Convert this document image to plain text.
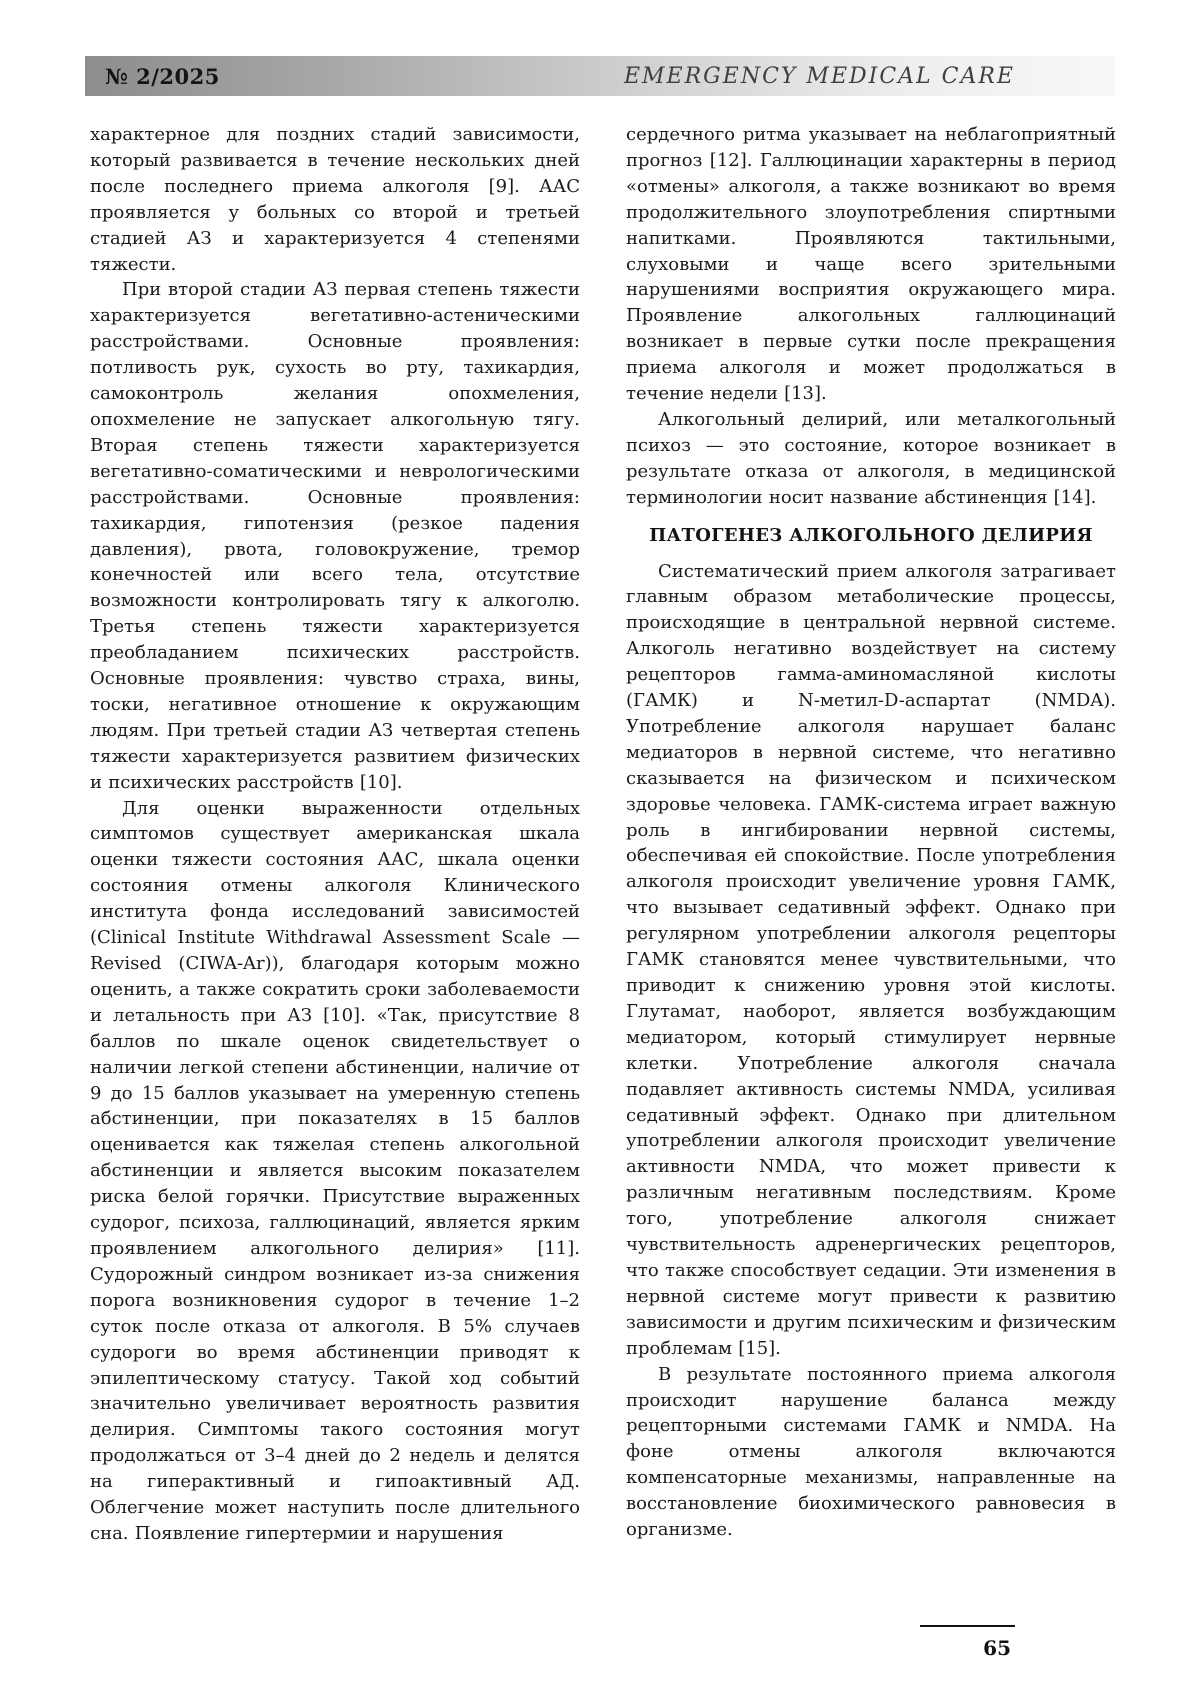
№ 2/2025	EMERGENCY MEDICAL CARE

характерное для поздних стадий зависимости, который развивается в течение нескольких дней после последнего приема алкоголя [9]. ААС проявляется у больных со второй и третьей стадией АЗ и характеризуется 4 степенями тяжести.

При второй стадии АЗ первая степень тяжести характеризуется вегетативно-астеническими расстройствами. Основные проявления: потливость рук, сухость во рту, тахикардия, самоконтроль желания опохмеления, опохмеление не запускает алкогольную тягу. Вторая степень тяжести характеризуется вегетативно-соматическими и неврологическими расстройствами. Основные проявления: тахикардия, гипотензия (резкое падения давления), рвота, головокружение, тремор конечностей или всего тела, отсутствие возможности контролировать тягу к алкоголю. Третья степень тяжести характеризуется преобладанием психических расстройств. Основные проявления: чувство страха, вины, тоски, негативное отношение к окружающим людям. При третьей стадии АЗ четвертая степень тяжести характеризуется развитием физических и психических расстройств [10].

Для оценки выраженности отдельных симптомов существует американская шкала оценки тяжести состояния ААС, шкала оценки состояния отмены алкоголя Клинического института фонда исследований зависимостей (Clinical Institute Withdrawal Assessment Scale — Revised (CIWA-Ar)), благодаря которым можно оценить, а также сократить сроки заболеваемости и летальность при АЗ [10]. «Так, присутствие 8 баллов по шкале оценок свидетельствует о наличии легкой степени абстиненции, наличие от 9 до 15 баллов указывает на умеренную степень абстиненции, при показателях в 15 баллов оценивается как тяжелая степень алкогольной абстиненции и является высоким показателем риска белой горячки. Присутствие выраженных судорог, психоза, галлюцинаций, является ярким проявлением алкогольного делирия» [11]. Судорожный синдром возникает из-за снижения порога возникновения судорог в течение 1–2 суток после отказа от алкоголя. В 5% случаев судороги во время абстиненции приводят к эпилептическому статусу. Такой ход событий значительно увеличивает вероятность развития делирия. Симптомы такого состояния могут продолжаться от 3–4 дней до 2 недель и делятся на гиперактивный и гипоактивный АД. Облегчение может наступить после длительного сна. Появление гипертермии и нарушения

сердечного ритма указывает на неблагоприятный прогноз [12]. Галлюцинации характерны в период «отмены» алкоголя, а также возникают во время продолжительного злоупотребления спиртными напитками. Проявляются тактильными, слуховыми и чаще всего зрительными нарушениями восприятия окружающего мира. Проявление алкогольных галлюцинаций возникает в первые сутки после прекращения приема алкоголя и может продолжаться в течение недели [13].

Алкогольный делирий, или металкогольный психоз — это состояние, которое возникает в результате отказа от алкоголя, в медицинской терминологии носит название абстиненция [14].

ПАТОГЕНЕЗ АЛКОГОЛЬНОГО ДЕЛИРИЯ

Систематический прием алкоголя затрагивает главным образом метаболические процессы, происходящие в центральной нервной системе. Алкоголь негативно воздействует на систему рецепторов гамма-аминомасляной кислоты (ГАМК) и N-метил-D-аспартат (NMDA). Употребление алкоголя нарушает баланс медиаторов в нервной системе, что негативно сказывается на физическом и психическом здоровье человека. ГАМК-система играет важную роль в ингибировании нервной системы, обеспечивая ей спокойствие. После употребления алкоголя происходит увеличение уровня ГАМК, что вызывает седативный эффект. Однако при регулярном употреблении алкоголя рецепторы ГАМК становятся менее чувствительными, что приводит к снижению уровня этой кислоты. Глутамат, наоборот, является возбуждающим медиатором, который стимулирует нервные клетки. Употребление алкоголя сначала подавляет активность системы NMDA, усиливая седативный эффект. Однако при длительном употреблении алкоголя происходит увеличение активности NMDA, что может привести к различным негативным последствиям. Кроме того, употребление алкоголя снижает чувствительность адренергических рецепторов, что также способствует седации. Эти изменения в нервной системе могут привести к развитию зависимости и другим психическим и физическим проблемам [15].

В результате постоянного приема алкоголя происходит нарушение баланса между рецепторными системами ГАМК и NMDA. На фоне отмены алкоголя включаются компенсаторные механизмы, направленные на восстановление биохимического равновесия в организме.

65
